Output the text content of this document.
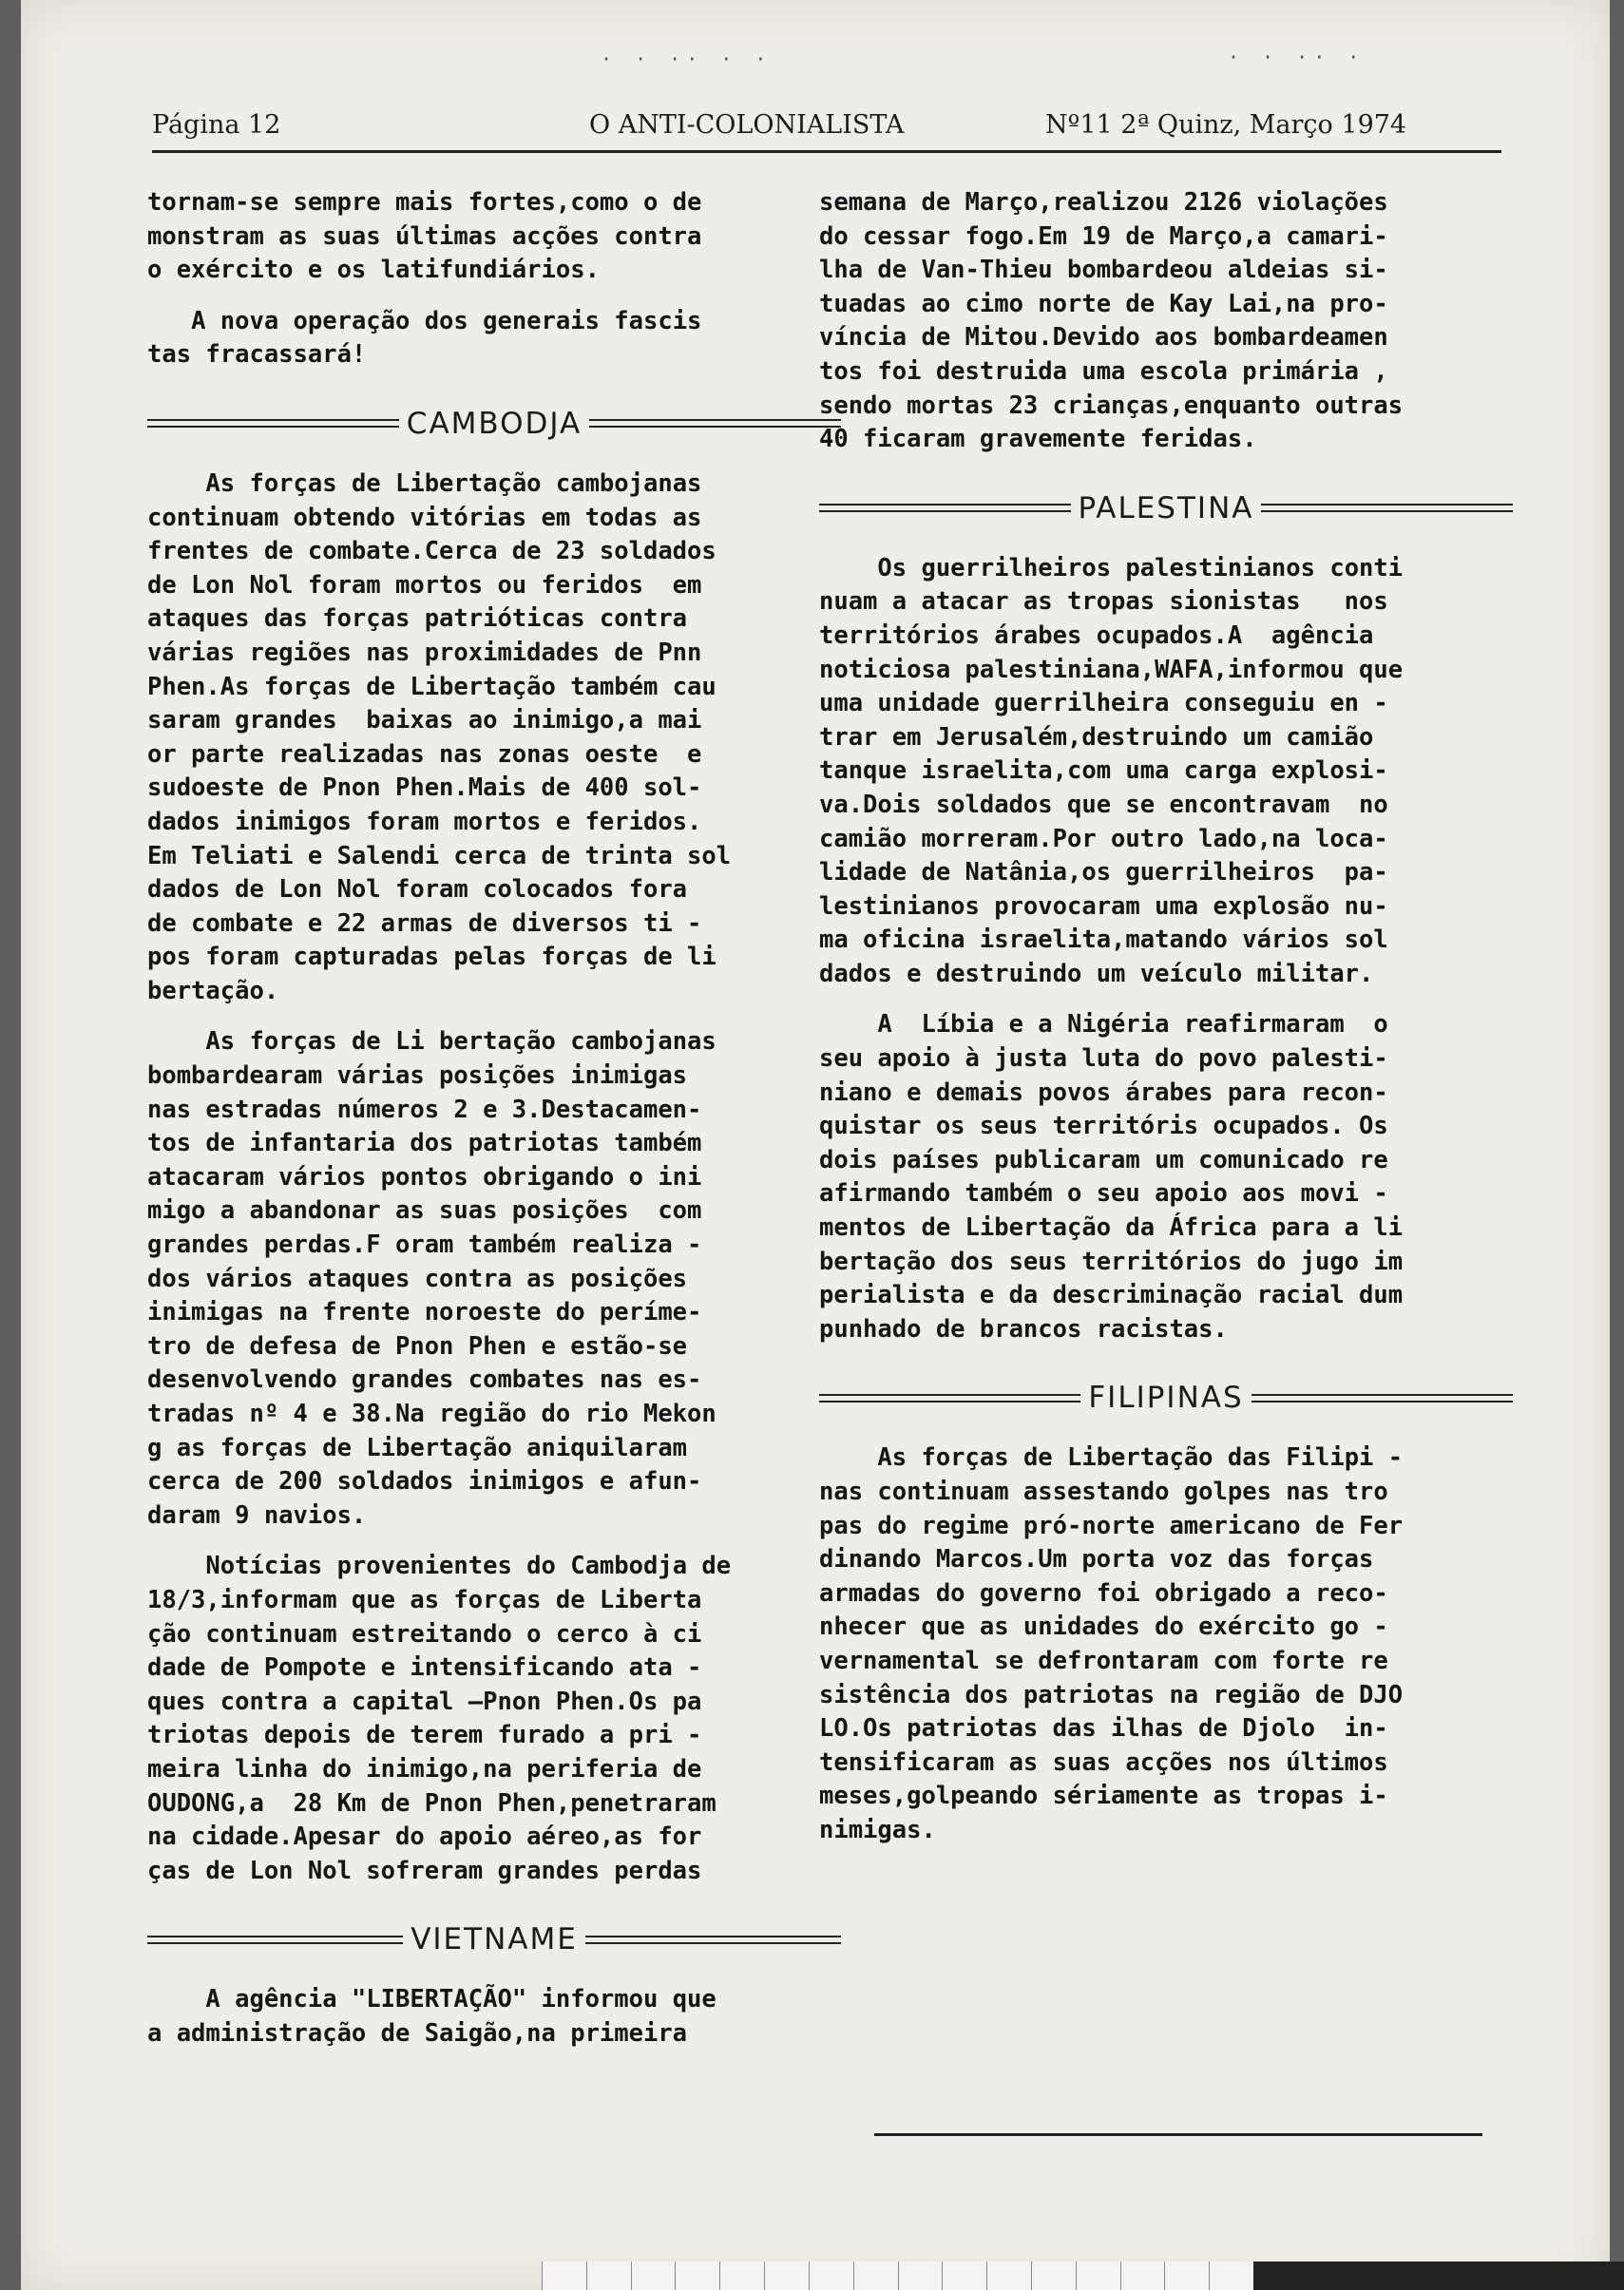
· · ·· · ·	· · ·· ·
Página 12	O ANTI-COLONIALISTA	Nº11 2ª Quinz, Março 1974

tornam-se sempre mais fortes,como o de
monstram as suas últimas acções contra
o exército e os latifundiários.

A nova operação dos generais fascis
tas fracassará!

CAMBODJA

As forças de Libertação cambojanas
continuam obtendo vitórias em todas as
frentes de combate.Cerca de 23 soldados
de Lon Nol foram mortos ou feridos  em
ataques das forças patrióticas contra
várias regiões nas proximidades de Pnn
Phen.As forças de Libertação também cau
saram grandes  baixas ao inimigo,a mai
or parte realizadas nas zonas oeste  e
sudoeste de Pnon Phen.Mais de 400 sol-
dados inimigos foram mortos e feridos.
Em Teliati e Salendi cerca de trinta sol
dados de Lon Nol foram colocados fora
de combate e 22 armas de diversos ti -
pos foram capturadas pelas forças de li
bertação.

As forças de Li bertação cambojanas
bombardearam várias posições inimigas
nas estradas números 2 e 3.Destacamen-
tos de infantaria dos patriotas também
atacaram vários pontos obrigando o ini
migo a abandonar as suas posições  com
grandes perdas.F oram também realiza -
dos vários ataques contra as posições
inimigas na frente noroeste do períme-
tro de defesa de Pnon Phen e estão-se
desenvolvendo grandes combates nas es-
tradas nº 4 e 38.Na região do rio Mekon
g as forças de Libertação aniquilaram
cerca de 200 soldados inimigos e afun-
daram 9 navios.

Notícias provenientes do Cambodja de
18/3,informam que as forças de Liberta
ção continuam estreitando o cerco à ci
dade de Pompote e intensificando ata -
ques contra a capital —Pnon Phen.Os pa
triotas depois de terem furado a pri -
meira linha do inimigo,na periferia de
OUDONG,a  28 Km de Pnon Phen,penetraram
na cidade.Apesar do apoio aéreo,as for
ças de Lon Nol sofreram grandes perdas

VIETNAME

A agência "LIBERTAÇÃO" informou que
a administração de Saigão,na primeira

semana de Março,realizou 2126 violações
do cessar fogo.Em 19 de Março,a camari-
lha de Van-Thieu bombardeou aldeias si-
tuadas ao cimo norte de Kay Lai,na pro-
víncia de Mitou.Devido aos bombardeamen
tos foi destruida uma escola primária ,
sendo mortas 23 crianças,enquanto outras
40 ficaram gravemente feridas.

PALESTINA

Os guerrilheiros palestinianos conti
nuam a atacar as tropas sionistas   nos
territórios árabes ocupados.A  agência
noticiosa palestiniana,WAFA,informou que
uma unidade guerrilheira conseguiu en -
trar em Jerusalém,destruindo um camião
tanque israelita,com uma carga explosi-
va.Dois soldados que se encontravam  no
camião morreram.Por outro lado,na loca-
lidade de Natânia,os guerrilheiros  pa-
lestinianos provocaram uma explosão nu-
ma oficina israelita,matando vários sol
dados e destruindo um veículo militar.

A  Líbia e a Nigéria reafirmaram  o
seu apoio à justa luta do povo palesti-
niano e demais povos árabes para recon-
quistar os seus territóris ocupados. Os
dois países publicaram um comunicado re
afirmando também o seu apoio aos movi -
mentos de Libertação da África para a li
bertação dos seus territórios do jugo im
perialista e da descriminação racial dum
punhado de brancos racistas.

FILIPINAS

As forças de Libertação das Filipi -
nas continuam assestando golpes nas tro
pas do regime pró-norte americano de Fer
dinando Marcos.Um porta voz das forças
armadas do governo foi obrigado a reco-
nhecer que as unidades do exército go -
vernamental se defrontaram com forte re
sistência dos patriotas na região de DJO
LO.Os patriotas das ilhas de Djolo  in-
tensificaram as suas acções nos últimos
meses,golpeando sériamente as tropas i-
nimigas.
